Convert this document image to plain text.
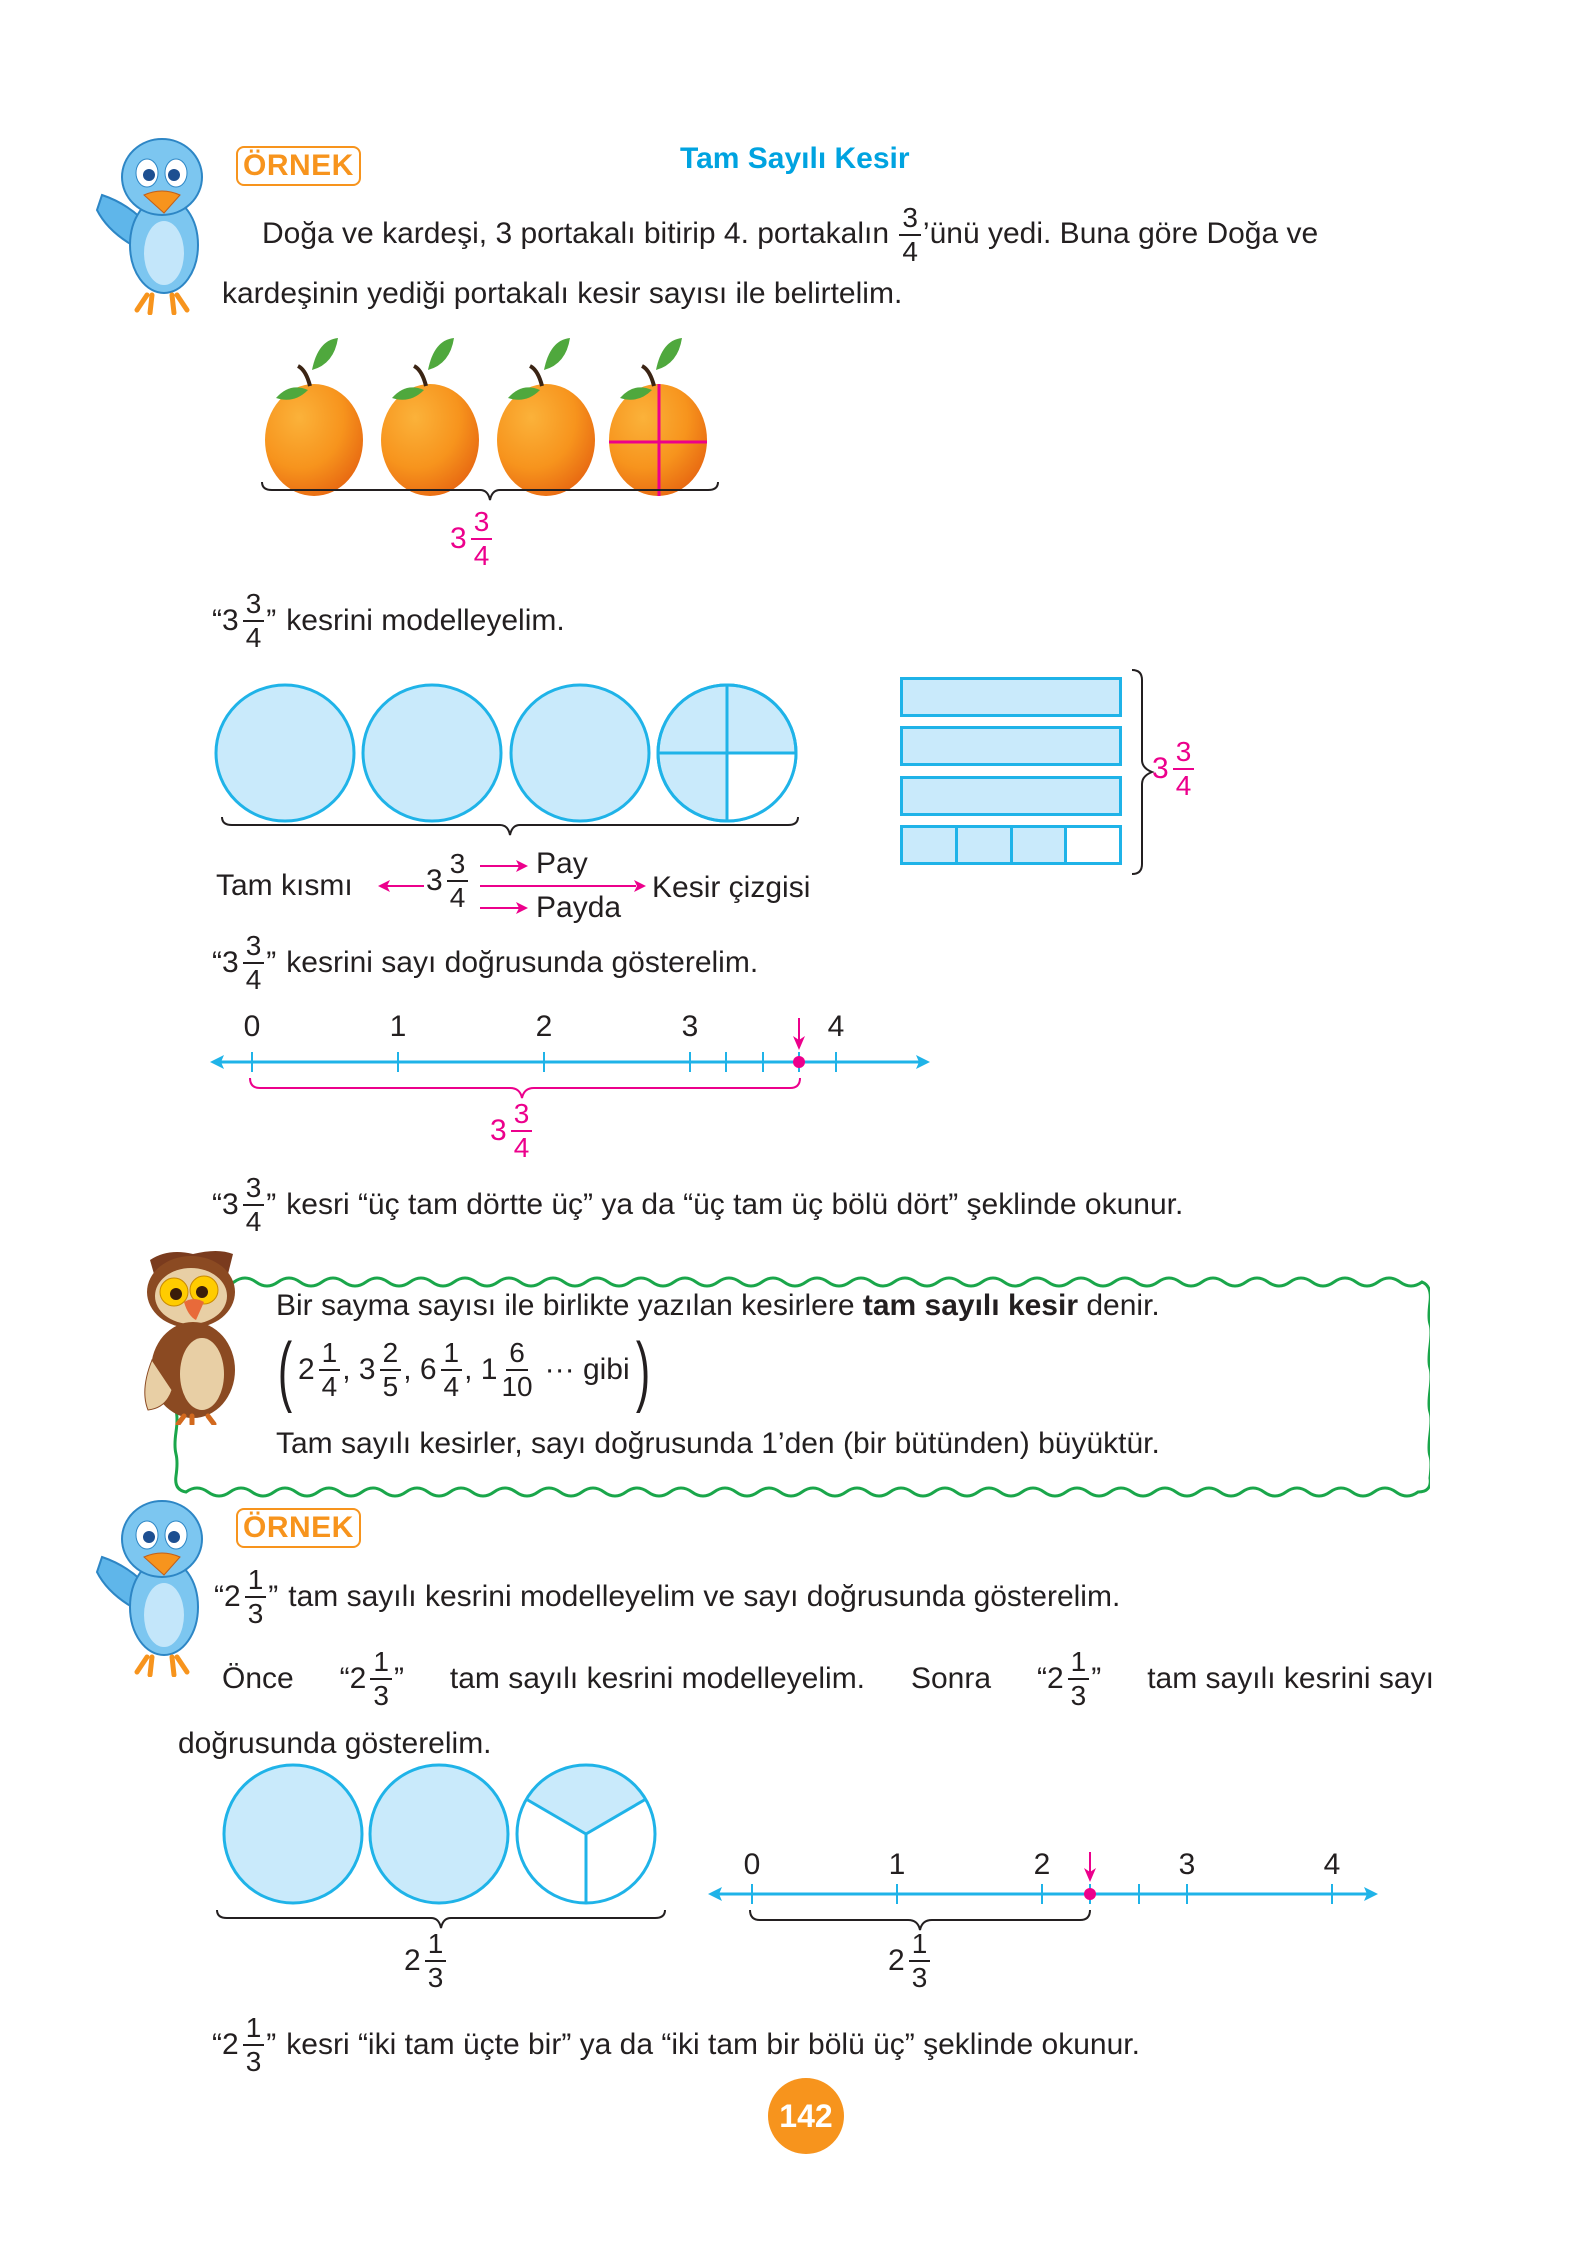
ÖRNEK	Tam Sayılı Kesir
Doğa ve kardeşi, 3 portakalı bitirip 4. portakalın $\frac{3}{4}$ ’ünü yedi. Buna göre Doğa ve
kardeşinin yediği portakalı kesir sayısı ile belirtelim.
$3 \frac{3}{4}$
“ $3 \frac{3}{4}$ ” kesrini modelleyelim.
$3 \frac{3}{4}$
Tam kısmı $3 \frac{3}{4}$ Pay
Payda
Kesir çizgisi
“ $3 \frac{3}{4}$ ” kesrini sayı doğrusunda gösterelim.
0	1	2	3	4
$3 \frac{3}{4}$
“ $3 \frac{3}{4}$ ” kesri “üç tam dörtte üç” ya da “üç tam üç bölü dört” şeklinde okunur.
Bir sayma sayısı ile birlikte yazılan kesirlere tam sayılı kesir denir.
( $2 \frac{1}{4}$ , $3 \frac{2}{5}$ , $6 \frac{1}{4}$ , $1 \frac{6}{10}$ ··· gibi )
Tam sayılı kesirler, sayı doğrusunda 1’den (bir bütünden) büyüktür.
ÖRNEK
“ $2 \frac{1}{3}$ ” tam sayılı kesrini modelleyelim ve sayı doğrusunda gösterelim.
Önce “ $2 \frac{1}{3}$ ” tam sayılı kesrini modelleyelim. Sonra “ $2 \frac{1}{3}$ ” tam sayılı kesrini sayı
doğrusunda gösterelim.
$2 \frac{1}{3}$
0	1	2	3	4
$2 \frac{1}{3}$
“ $2 \frac{1}{3}$ ” kesri “iki tam üçte bir” ya da “iki tam bir bölü üç” şeklinde okunur.
142
